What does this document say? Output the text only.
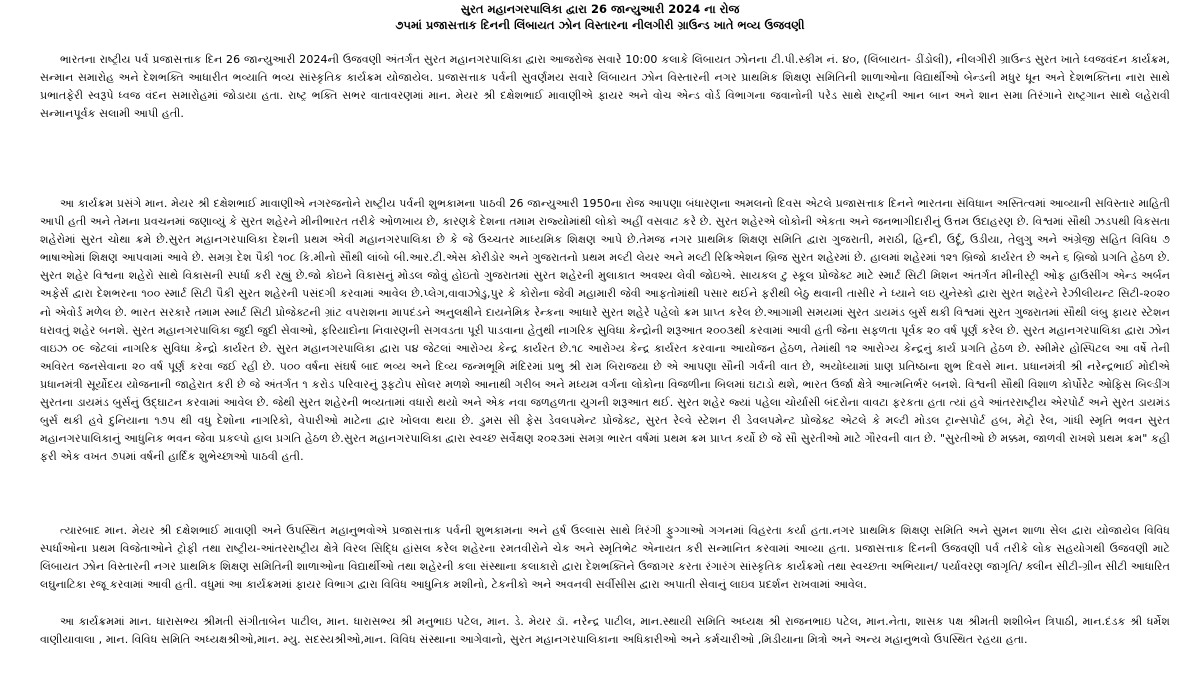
સુરત મહાનગરપાલિકા દ્વારા 26 જાન્યુઆરી 2024 ના રોજ
૭૫માં પ્રજાસત્તાક દિનની લિંબાયત ઝોન વિસ્તારના નીલગીરી ગ્રાઉન્ડ ખાતે ભવ્ય ઉજવણી

ભારતના રાષ્ટ્રીય પર્વ પ્રજાસત્તાક દિન 26 જાન્યુઆરી 2024ની ઉજવણી અંતર્ગત સુરત મહાનગરપાલિકા દ્વારા આજરોજ સવારે 10:00 કલાકે લિંબાયત ઝોનના ટી.પી.સ્કીમ નં. ૪૦, (લિંબાયત- ડીંડોલી), નીલગીરી ગ્રાઉન્ડ સુરત ખાતે ધ્વજવંદન કાર્યક્રમ, સન્માન સમારોહ અને દેશભક્તિ આધારીત ભવ્યાતિ ભવ્ય સાંસ્કૃતિક કાર્યક્રમ યોજાયેલ. પ્રજાસત્તાક પર્વની સુવર્ણમય સવારે લિંબાયત ઝોન વિસ્તારની નગર પ્રાથમિક શિક્ષણ સમિતિની શાળાઓના વિદ્યાર્થીઓ બેન્ડની મધુર ધૂન અને દેશભક્તિના નારા સાથે પ્રભાતફેરી સ્વરૂપે ધ્વજ વંદન સમારોહમાં જોડાયા હતા. રાષ્ટ્ર ભક્તિ સભર વાતાવરણમાં માન. મેયર શ્રી દક્ષેશભાઈ માવાણીએ ફાયર અને વોચ એન્ડ વોર્ડ વિભાગના જવાનોની પરેડ સાથે રાષ્ટ્રની આન બાન અને શાન સમા તિરંગાને રાષ્ટ્રગાન સાથે લહેરાવી સન્માનપૂર્વક સલામી આપી હતી.

આ કાર્યક્રમ પ્રસંગે માન. મેયર શ્રી દક્ષેશભાઈ માવાણીએ નગરજનોને રાષ્ટ્રીય પર્વની શુભકામના પાઠવી 26 જાન્યુઆરી 1950ના રોજ આપણા બંધારણના અમલનો દિવસ એટલે પ્રજાસત્તાક દિનને ભારતના સંવિધાન અસ્તિત્વમાં આવ્યાની સવિસ્તાર માહિતી આપી હતી અને તેમના પ્રવચનમાં જણાવ્યું કે સુરત શહેરને મીનીભારત તરીકે ઓળખાય છે, કારણકે દેશના તમામ રાજ્યોમાંથી લોકો અહીં વસવાટ કરે છે. સુરત શહેરએ લોકોની એકતા અને જનભાગીદારીનું ઉત્તમ ઉદાહરણ છે. વિશ્વમાં સૌથી ઝડપથી વિકસતા શહેરોમાં સુરત ચોથા ક્રમે છે.સુરત મહાનગરપાલિકા દેશની પ્રથમ એવી મહાનગરપાલિકા છે કે જે ઉચ્ચતર માધ્યમિક શિક્ષણ આપે છે.તેમજ નગર પ્રાથમિક શિક્ષણ સમિતિ દ્વારા ગુજરાતી, મરાઠી, હિન્દી, ઉર્દૂ, ઉડીયા, તેલુગુ અને અંગ્રેજી સહિત વિવિધ ૭ ભાષાઓમાં શિક્ષણ આપવામાં આવે છે. સમગ્ર દેશ પૈકી ૧૦૮ કિ.મીનો સૌથી લાંબો બી.આર.ટી.એસ કોરીડોર અને ગુજરાતનો પ્રથમ મલ્ટી લેયર અને મલ્ટી રિક્રિએશન બ્રિજ સુરત શહેરમાં છે. હાલમાં શહેરમાં ૧૨૧ બ્રિજો કાર્યરત છે અને ૬ બ્રિજો પ્રગતિ હેઠળ છે. સુરત શહેર વિશ્વના શહેરો સાથે વિકાસની સ્પર્ધા કરી રહ્યું છે.જો કોઇને વિકાસનું મોડલ જોવું હોઇતો ગુજરાતમાં સુરત શહેરની મુલાકાત અવશ્ય લેવી જોઇએ. સાયકલ ટુ સ્કૂલ પ્રોજેક્ટ માટે સ્માર્ટ સિટી મિશન અંતર્ગત મીનીસ્ટ્રી ઓફ હાઉસીંગ એન્ડ અર્બન અફેર્સ દ્વારા દેશભરના ૧૦૦ સ્માર્ટ સિટી પૈકી સુરત શહેરની પસંદગી કરવામાં આવેલ છે.પ્લેગ,વાવાઝોડુ,પુર કે કોરોના જેવી મહામારી જેવી આફતોમાંથી પસાર થઈને ફરીથી બેઠુ થવાની તાસીર ને ધ્યાને લઇ યુનેસ્કો દ્વારા સુરત શહેરને રેઝીલીયન્ટ સિટી-૨૦૨૦ નો એવોર્ડ મળેલ છે. ભારત સરકારે તમામ સ્માર્ટ સિટી પ્રોજેક્ટની ગ્રાંટ વપરાશના માપદંડને અનુલક્ષીને દાયનેમિક રેન્કના આધારે સુરત શહેરે પહેલો ક્રમ પ્રાપ્ત કરેલ છે.આગામી સમયમાં સુરત ડાયમંડ બુર્સ થકી વિશ્વમાં સુરત ગુજરાતમાં સૌથી લંબુ ફાયર સ્ટેશન ધરાવતું શહેર બનશે. સુરત મહાનગરપાલિકા જુદી જુદી સેવાઓ, ફરિયાદોના નિવારણની સગવડતા પૂરી પાડવાના હેતુથી નાગરિક સુવિધા કેન્દ્રોની શરૂઆત ૨૦૦૩થી કરવામાં આવી હતી જેના સફળતા પૂર્વક ૨૦ વર્ષ પૂર્ણ કરેલ છે. સુરત મહાનગરપાલિકા દ્વારા ઝોન વાઇઝ ૦૯ જેટલાં નાગરિક સુવિધા કેન્દ્રો કાર્યરત છે. સુરત મહાનગરપાલિકા દ્વારા ૫૪ જેટલાં આરોગ્ય કેન્દ્ર કાર્યરત છે.૧૮ આરોગ્ય કેન્દ્ર કાર્યરત કરવાના આયોજન હેઠળ, તેમાંથી ૧૨ આરોગ્ય કેન્દ્રનું કાર્ય પ્રગતિ હેઠળ છે. સ્મીમેર હોસ્પિટલ આ વર્ષે તેની અવિરત જનસેવાના ૨૦ વર્ષ પૂર્ણ કરવા જઈ રહી છે. ૫૦૦ વર્ષના સંઘર્ષ બાદ ભવ્ય અને દિવ્ય જન્મભૂમિ મંદિરમાં પ્રભુ શ્રી રામ બિરાજયા છે એ આપણા સૌની ગર્વની વાત છે, અયોધ્યામાં પ્રાણ પ્રતિષ્ઠાના શુભ દિવસે માન. પ્રધાનમંત્રી શ્રી નરેન્દ્રભાઈ મોદીએ પ્રધાનમંત્રી સૂર્યોદય યોજનાની જાહેરાત કરી છે જે અંતર્ગત ૧ કરોડ પરિવારનું રૂફટોપ સોલર મળશે આનાથી ગરીબ અને મધ્યમ વર્ગના લોકોના વિજળીના બિલમાં ઘટાડો થશે, ભારત ઉર્જા ક્ષેત્રે આત્મનિર્ભર બનશે. વિશ્વની સૌથી વિશાળ કોર્પોરેટ ઓફિસ બિલ્ડીંગ સુરતના ડાયમંડ બુર્સનું ઉદ્ઘાટન કરવામાં આવેલ છે. જેથી સુરત શહેરની ભવ્યતામાં વધારો થયો અને એક નવા જળહળતા યુગની શરૂઆત થઈ. સુરત શહેર જ્યાં પહેલા ચોર્યાસી બંદરોના વાવટા ફરકતા હતા ત્યાં હવે આંતરરાષ્ટ્રીય એરપોર્ટ અને સુરત ડાયમંડ બુર્સ થકી હવે દુનિયાના ૧૭૫ થી વધુ દેશોના નાગરિકો, વેપારીઓ માટેના દ્વાર ખોલવા થયા છે. ડુમસ સી ફેસ ડેવલપમેન્ટ પ્રોજેક્ટ, સુરત રેલ્વે સ્ટેશન રી ડેવલપમેન્ટ પ્રોજેક્ટ એટલે કે મલ્ટી મોડલ ટ્રાન્સપોર્ટ હબ, મેટ્રો રેલ, ગાંધી સ્મૃતિ ભવન સુરત મહાનગરપાલિકાનું આધુનિક ભવન જેવા પ્રકલ્પો હાલ પ્રગતિ હેઠળ છે.સુરત મહાનગરપાલિકા દ્વારા સ્વચ્છ સર્વેક્ષણ ૨૦૨૩માં સમગ્ર ભારત વર્ષમાં પ્રથમ ક્રમ પ્રાપ્ત કર્યો છે જે સૌ સુરતીઓ માટે ગૌરવની વાત છે. "સુરતીઓ છે મક્કમ, જાળવી રાખશે પ્રથમ ક્રમ" કહી ફરી એક વખત ૭૫માં વર્ષની હાર્દિક શુભેચ્છાઓ પાઠવી હતી.

ત્યારબાદ માન. મેયર શ્રી દક્ષેશભાઈ માવાણી અને ઉપસ્થિત મહાનુભવોએ પ્રજાસત્તાક પર્વની શુભકામના અને હર્ષ ઉલ્લાસ સાથે ત્રિરંગી ફુગ્ગાઓ ગગનમાં વિહરતા કર્યા હતા.નગર પ્રાથમિક શિક્ષણ સમિતિ અને સુમન શાળા સેલ દ્વારા યોજાયેલ વિવિધ સ્પર્ધાઓના પ્રથમ વિજેતાઓને ટ્રોફી તથા રાષ્ટ્રીય-આંતરરાષ્ટ્રીય ક્ષેત્રે વિરલ સિદ્ધિ હાંસલ કરેલ શહેરના રમતવીરોને ચેક અને સ્મૃતિભેટ એનાયત કરી સન્માનિત કરવામાં આવ્યા હતા. પ્રજાસત્તાક દિનની ઉજવણી પર્વ તરીકે લોક સહયોગથી ઉજવણી માટે લિંબાયત ઝોન વિસ્તારની નગર પ્રાથમિક શિક્ષણ સમિતિની શાળાઓના વિદ્યાર્થીઓ તથા શહેરની કલા સંસ્થાના કલાકારો દ્વારા દેશભક્તિને ઉજાગર કરતા રંગારંગ સાંસ્કૃતિક કાર્યક્રમો તથા સ્વચ્છતા અભિયાન/ પર્યાવરણ જાગૃતિ/ ક્લીન સીટી-ગ્રીન સીટી આધારિત લઘુનાટિકા રજૂ કરવામાં આવી હતી. વધુમાં આ કાર્યક્રમમાં ફાયર વિભાગ દ્વારા વિવિધ આધુનિક મશીનો, ટેકનીકો અને અવનવી સર્વીસીસ દ્વારા અપાતી સેવાનું લાઇવ પ્રદર્શન રાખવામાં આવેલ.

આ કાર્યક્રમમાં માન. ધારાસભ્ય શ્રીમતી સંગીતાબેન પાટીલ, માન. ધારાસભ્ય શ્રી મનુભાઇ પટેલ, માન. ડે. મેયર ડૉ. નરેન્દ્ર પાટીલ, માન.સ્થાયી સમિતિ અધ્યક્ષ શ્રી રાજનભાઇ પટેલ, માન.નેતા, શાસક પક્ષ શ્રીમતી શશીબેન ત્રિપાઠી, માન.દંડક શ્રી ધર્મેશ વાણીયાવાલા , માન. વિવિધ સમિતિ અધ્યક્ષશ્રીઓ,માન. મ્યુ. સદસ્યશ્રીઓ,માન. વિવિધ સંસ્થાના આગેવાનો, સુરત મહાનગરપાલિકાના અધિકારીઓ અને કર્મચારીઓ ,મિડીયાના મિત્રો અને અન્ય મહાનુભવો ઉપસ્થિત રહયા હતા.
